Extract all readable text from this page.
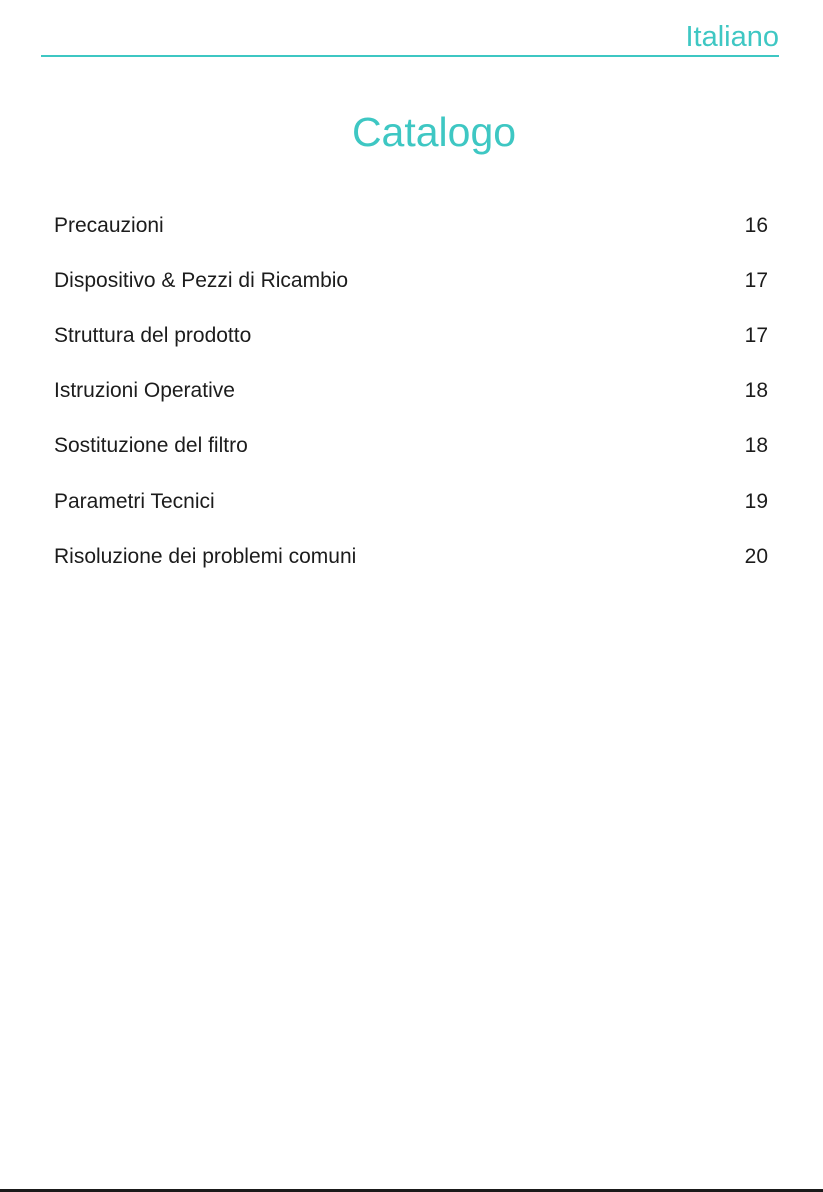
Italiano
Catalogo
Precauzioni	16
Dispositivo & Pezzi di Ricambio	17
Struttura del prodotto	17
Istruzioni Operative	18
Sostituzione del filtro	18
Parametri Tecnici	19
Risoluzione dei problemi comuni	20
